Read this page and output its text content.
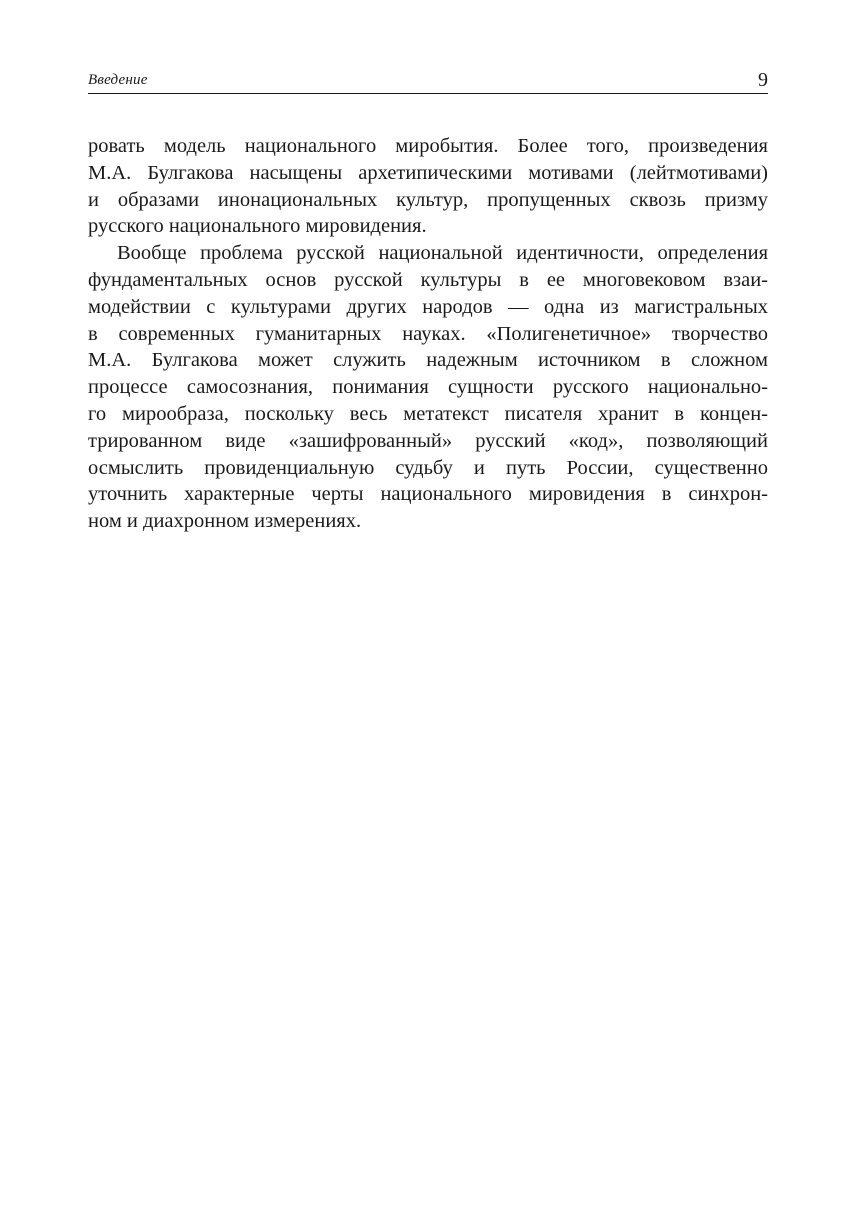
Введение	9

ровать модель национального миробытия. Более того, произведения
М.А. Булгакова насыщены архетипическими мотивами (лейтмотивами)
и образами инонациональных культур, пропущенных сквозь призму
русского национального мировидения.

Вообще проблема русской национальной идентичности, определения
фундаментальных основ русской культуры в ее многовековом взаи-
модействии с культурами других народов — одна из магистральных
в современных гуманитарных науках. «Полигенетичное» творчество
М.А. Булгакова может служить надежным источником в сложном
процессе самосознания, понимания сущности русского национально-
го мирообраза, поскольку весь метатекст писателя хранит в концен-
трированном виде «зашифрованный» русский «код», позволяющий
осмыслить провиденциальную судьбу и путь России, существенно
уточнить характерные черты национального мировидения в синхрон-
ном и диахронном измерениях.
